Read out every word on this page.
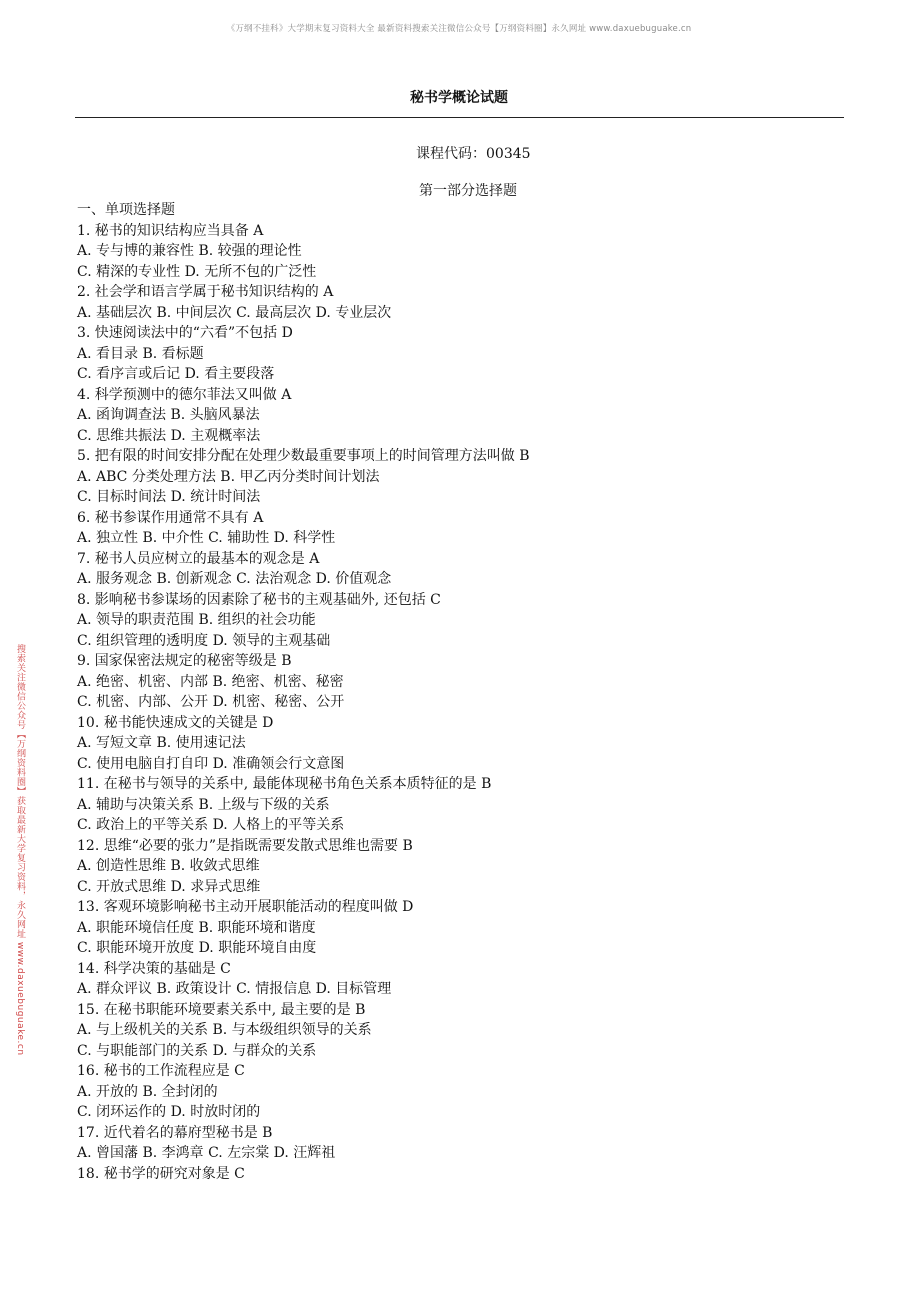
《万纲不挂科》大学期末复习资料大全 最新资料搜索关注微信公众号【万纲资料圈】永久网址 www.daxuebuguake.cn
秘书学概论试题
课程代码：00345
第一部分选择题
搜索关注微信公众号【万纲资料圈】获取最新大学复习资料，永久网址 www.daxuebuguake.cn
一、单项选择题
1. 秘书的知识结构应当具备 A
A. 专与博的兼容性 B. 较强的理论性
C. 精深的专业性 D. 无所不包的广泛性
2. 社会学和语言学属于秘书知识结构的 A
A. 基础层次 B. 中间层次 C. 最高层次 D. 专业层次
3. 快速阅读法中的“六看”不包括 D
A. 看目录 B. 看标题
C. 看序言或后记 D. 看主要段落
4. 科学预测中的德尔菲法又叫做 A
A. 函询调查法 B. 头脑风暴法
C. 思维共振法 D. 主观概率法
5. 把有限的时间安排分配在处理少数最重要事项上的时间管理方法叫做 B
A. ABC 分类处理方法 B. 甲乙丙分类时间计划法
C. 目标时间法 D. 统计时间法
6. 秘书参谋作用通常不具有 A
A. 独立性 B. 中介性 C. 辅助性 D. 科学性
7. 秘书人员应树立的最基本的观念是 A
A. 服务观念 B. 创新观念 C. 法治观念 D. 价值观念
8. 影响秘书参谋场的因素除了秘书的主观基础外, 还包括 C
A. 领导的职责范围 B. 组织的社会功能
C. 组织管理的透明度 D. 领导的主观基础
9. 国家保密法规定的秘密等级是 B
A. 绝密、机密、内部 B. 绝密、机密、秘密
C. 机密、内部、公开 D. 机密、秘密、公开
10. 秘书能快速成文的关键是 D
A. 写短文章 B. 使用速记法
C. 使用电脑自打自印 D. 准确领会行文意图
11. 在秘书与领导的关系中, 最能体现秘书角色关系本质特征的是 B
A. 辅助与决策关系 B. 上级与下级的关系
C. 政治上的平等关系 D. 人格上的平等关系
12. 思维“必要的张力”是指既需要发散式思维也需要 B
A. 创造性思维 B. 收敛式思维
C. 开放式思维 D. 求异式思维
13. 客观环境影响秘书主动开展职能活动的程度叫做 D
A. 职能环境信任度 B. 职能环境和谐度
C. 职能环境开放度 D. 职能环境自由度
14. 科学决策的基础是 C
A. 群众评议 B. 政策设计 C. 情报信息 D. 目标管理
15. 在秘书职能环境要素关系中, 最主要的是 B
A. 与上级机关的关系 B. 与本级组织领导的关系
C. 与职能部门的关系 D. 与群众的关系
16. 秘书的工作流程应是 C
A. 开放的 B. 全封闭的
C. 闭环运作的 D. 时放时闭的
17. 近代着名的幕府型秘书是 B
A. 曾国藩 B. 李鸿章 C. 左宗棠 D. 汪辉祖
18. 秘书学的研究对象是 C
